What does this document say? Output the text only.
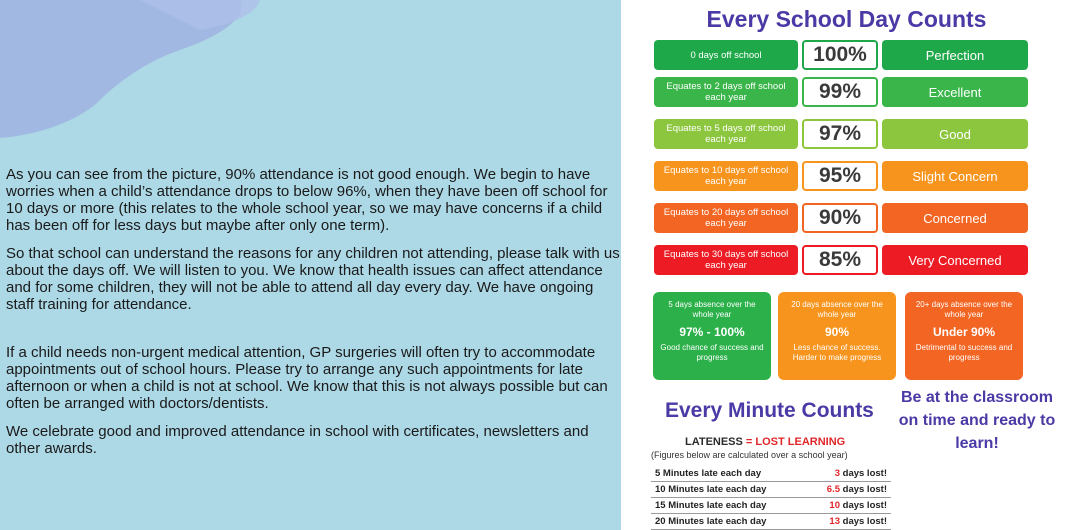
As you can see from the picture, 90% attendance is not good enough. We begin to have worries when a child’s attendance drops to below 96%, when they have been off school for 10 days or more (this relates to the whole school year, so we may have concerns if a child has been off for less days but maybe after only one term).

So that school can understand the reasons for any children not attending, please talk with us about the days off. We will listen to you. We know that health issues can affect attendance and for some children, they will not be able to attend all day every day. We have ongoing staff training for attendance.

If a child needs non-urgent medical attention, GP surgeries will often try to accommodate appointments out of school hours. Please try to arrange any such appointments for late afternoon or when a child is not at school. We know that this is not always possible but can often be arranged with doctors/dentists.

We celebrate good and improved attendance in school with certificates, newsletters and other awards.

Every School Day Counts
0 days off school	100%	Perfection
Equates to 2 days off school each year	99%	Excellent
Equates to 5 days off school each year	97%	Good
Equates to 10 days off school each year	95%	Slight Concern
Equates to 20 days off school each year	90%	Concerned
Equates to 30 days off school each year	85%	Very Concerned
5 days absence over the whole year
97% - 100%
Good chance of success and progress
20 days absence over the whole year
90%
Less chance of success. Harder to make progress
20+ days absence over the whole year
Under 90%
Detrimental to success and progress
Every Minute Counts
Be at the classroom on time and ready to learn!
LATENESS = LOST LEARNING
(Figures below are calculated over a school year)
5 Minutes late each day	3 days lost!
10 Minutes late each day	6.5 days lost!
15 Minutes late each day	10 days lost!
20 Minutes late each day	13 days lost!
